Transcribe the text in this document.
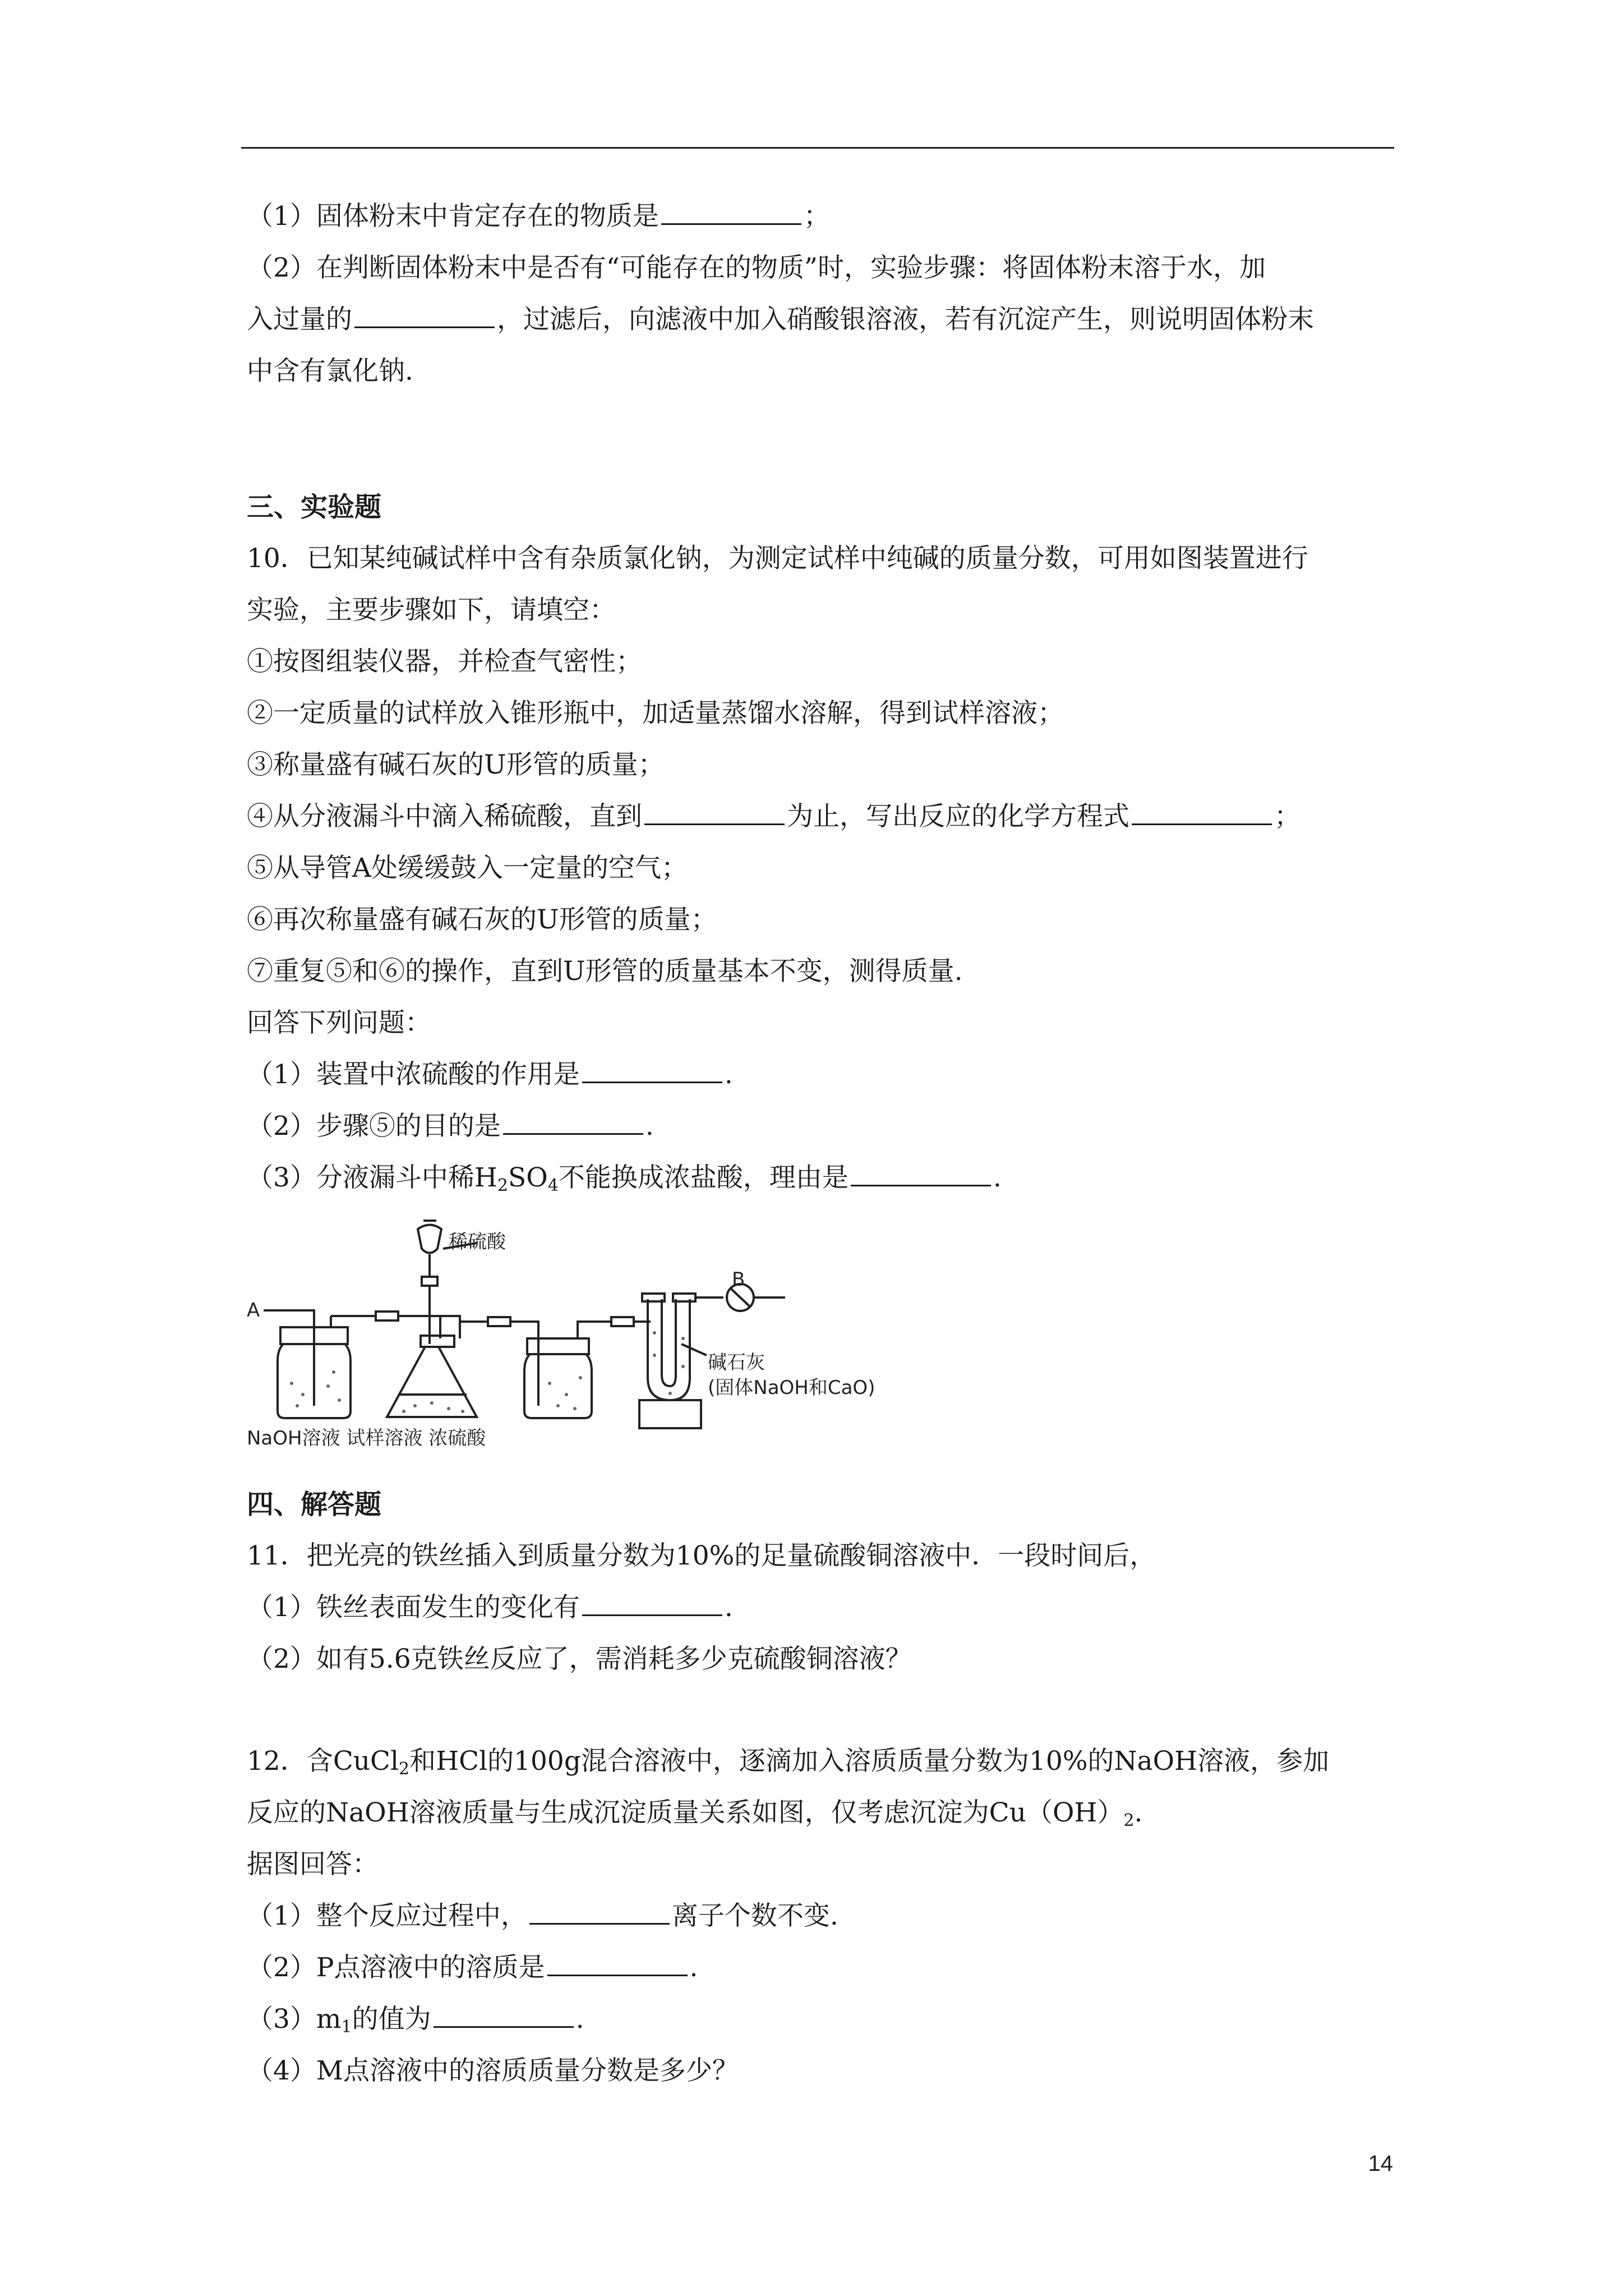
（1）固体粉末中肯定存在的物质是	；
（2）在判断固体粉末中是否有“可能存在的物质”时，实验步骤：将固体粉末溶于水，加
入过量的	，过滤后，向滤液中加入硝酸银溶液，若有沉淀产生，则说明固体粉末
中含有氯化钠.
三、实验题
10．已知某纯碱试样中含有杂质氯化钠，为测定试样中纯碱的质量分数，可用如图装置进行
实验，主要步骤如下，请填空：
①按图组装仪器，并检查气密性；
②一定质量的试样放入锥形瓶中，加适量蒸馏水溶解，得到试样溶液；
③称量盛有碱石灰的U形管的质量；
④从分液漏斗中滴入稀硫酸，直到	为止，写出反应的化学方程式	；
⑤从导管A处缓缓鼓入一定量的空气；
⑥再次称量盛有碱石灰的U形管的质量；
⑦重复⑤和⑥的操作，直到U形管的质量基本不变，测得质量.
回答下列问题：
（1）装置中浓硫酸的作用是	.
（2）步骤⑤的目的是	.
（3）分液漏斗中稀$H_2SO_4$不能换成浓盐酸，理由是	.
稀硫酸
A
B
碱石灰
(固体NaOH和CaO)
NaOH溶液 试样溶液 浓硫酸
四、解答题
11．把光亮的铁丝插入到质量分数为10%的足量硫酸铜溶液中．一段时间后，
（1）铁丝表面发生的变化有	.
（2）如有5.6克铁丝反应了，需消耗多少克硫酸铜溶液？
12．含CuCl$_2$和HCl的100g混合溶液中，逐滴加入溶质质量分数为10%的NaOH溶液，参加
反应的NaOH溶液质量与生成沉淀质量关系如图，仅考虑沉淀为$Cu(OH)_2$.
据图回答：
（1）整个反应过程中，	离子个数不变.
（2）P点溶液中的溶质是	.
$(3)m_1$的值为	.
（4）M点溶液中的溶质质量分数是多少？
14
